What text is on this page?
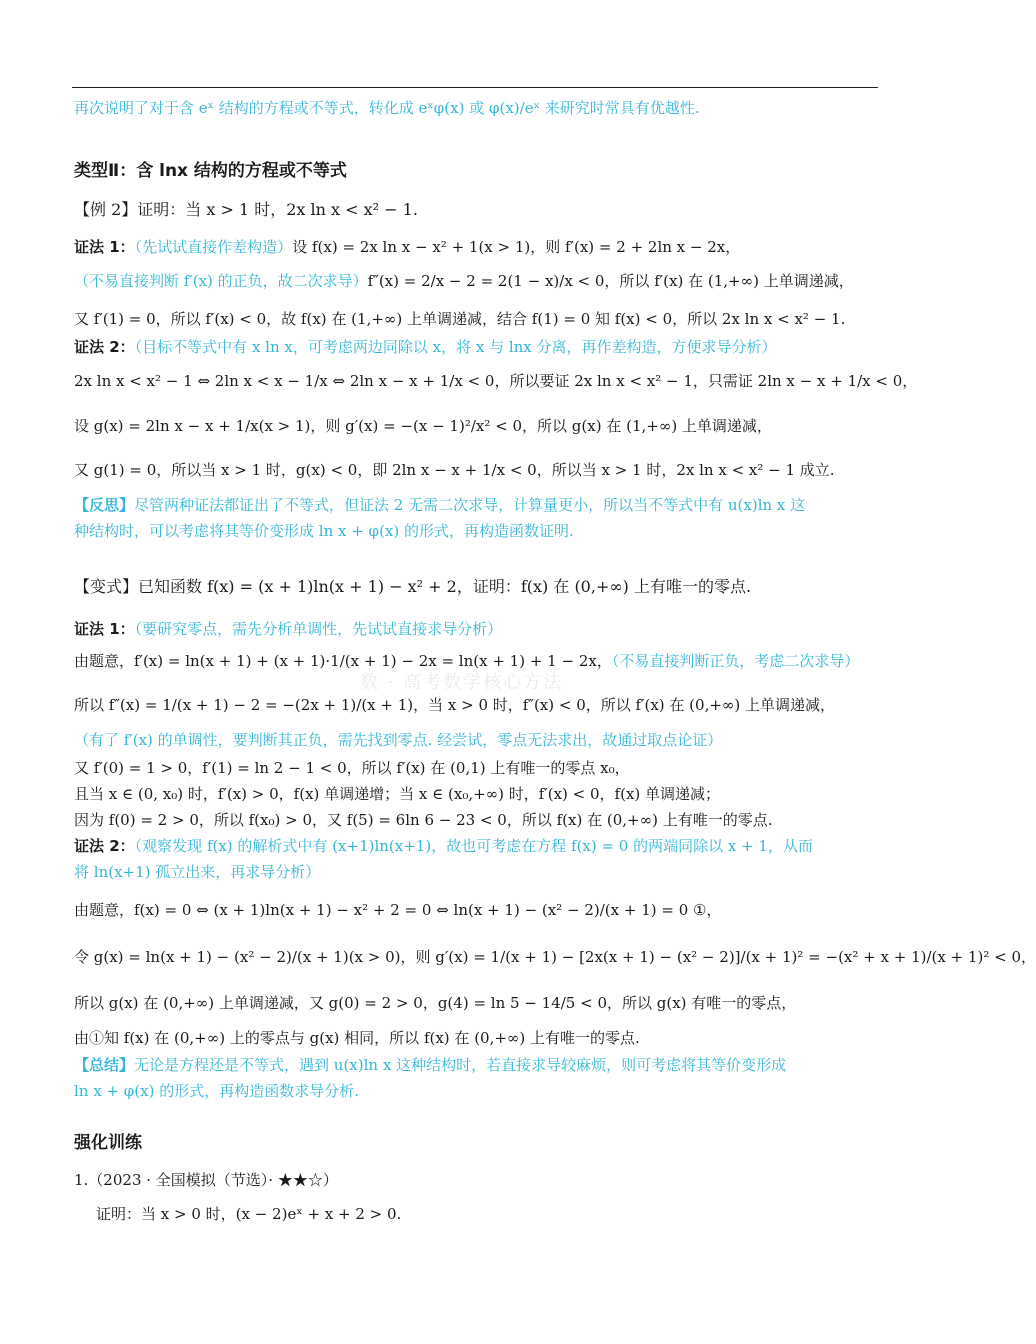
数 · 高考数学核心方法
再次说明了对于含 eˣ 结构的方程或不等式，转化成 eˣφ(x) 或 φ(x)/eˣ 来研究时常具有优越性.
类型Ⅱ：含 lnx 结构的方程或不等式
【例 2】证明：当 x > 1 时，2x ln x < x² − 1.
证法 1：（先试试直接作差构造）设 f(x) = 2x ln x − x² + 1(x > 1)，则 f′(x) = 2 + 2ln x − 2x，
（不易直接判断 f′(x) 的正负，故二次求导）f″(x) = 2/x − 2 = 2(1 − x)/x < 0，所以 f′(x) 在 (1,+∞) 上单调递减，
又 f′(1) = 0，所以 f′(x) < 0，故 f(x) 在 (1,+∞) 上单调递减，结合 f(1) = 0 知 f(x) < 0，所以 2x ln x < x² − 1.
证法 2：（目标不等式中有 x ln x，可考虑两边同除以 x，将 x 与 lnx 分离，再作差构造，方便求导分析）
2x ln x < x² − 1 ⇔ 2ln x < x − 1/x ⇔ 2ln x − x + 1/x < 0，所以要证 2x ln x < x² − 1，只需证 2ln x − x + 1/x < 0，
设 g(x) = 2ln x − x + 1/x(x > 1)，则 g′(x) = −(x − 1)²/x² < 0，所以 g(x) 在 (1,+∞) 上单调递减，
又 g(1) = 0，所以当 x > 1 时，g(x) < 0，即 2ln x − x + 1/x < 0，所以当 x > 1 时，2x ln x < x² − 1 成立.
【反思】尽管两种证法都证出了不等式，但证法 2 无需二次求导，计算量更小，所以当不等式中有 u(x)ln x 这
种结构时，可以考虑将其等价变形成 ln x + φ(x) 的形式，再构造函数证明.
【变式】已知函数 f(x) = (x + 1)ln(x + 1) − x² + 2，证明：f(x) 在 (0,+∞) 上有唯一的零点.
证法 1：（要研究零点，需先分析单调性，先试试直接求导分析）
由题意，f′(x) = ln(x + 1) + (x + 1)·1/(x + 1) − 2x = ln(x + 1) + 1 − 2x，（不易直接判断正负，考虑二次求导）
所以 f″(x) = 1/(x + 1) − 2 = −(2x + 1)/(x + 1)，当 x > 0 时，f″(x) < 0，所以 f′(x) 在 (0,+∞) 上单调递减，
（有了 f′(x) 的单调性，要判断其正负，需先找到零点. 经尝试，零点无法求出，故通过取点论证）
又 f′(0) = 1 > 0，f′(1) = ln 2 − 1 < 0，所以 f′(x) 在 (0,1) 上有唯一的零点 x₀，
且当 x ∈ (0, x₀) 时，f′(x) > 0，f(x) 单调递增；当 x ∈ (x₀,+∞) 时，f′(x) < 0，f(x) 单调递减；
因为 f(0) = 2 > 0，所以 f(x₀) > 0，又 f(5) = 6ln 6 − 23 < 0，所以 f(x) 在 (0,+∞) 上有唯一的零点.
证法 2：（观察发现 f(x) 的解析式中有 (x+1)ln(x+1)，故也可考虑在方程 f(x) = 0 的两端同除以 x + 1，从而
将 ln(x+1) 孤立出来，再求导分析）
由题意，f(x) = 0 ⇔ (x + 1)ln(x + 1) − x² + 2 = 0 ⇔ ln(x + 1) − (x² − 2)/(x + 1) = 0 ①，
令 g(x) = ln(x + 1) − (x² − 2)/(x + 1)(x > 0)，则 g′(x) = 1/(x + 1) − [2x(x + 1) − (x² − 2)]/(x + 1)² = −(x² + x + 1)/(x + 1)² < 0，
所以 g(x) 在 (0,+∞) 上单调递减，又 g(0) = 2 > 0，g(4) = ln 5 − 14/5 < 0，所以 g(x) 有唯一的零点，
由①知 f(x) 在 (0,+∞) 上的零点与 g(x) 相同，所以 f(x) 在 (0,+∞) 上有唯一的零点.
【总结】无论是方程还是不等式，遇到 u(x)ln x 这种结构时，若直接求导较麻烦，则可考虑将其等价变形成
ln x + φ(x) 的形式，再构造函数求导分析.
强化训练
1.（2023 · 全国模拟（节选）· ★★☆）
证明：当 x > 0 时，(x − 2)eˣ + x + 2 > 0.
